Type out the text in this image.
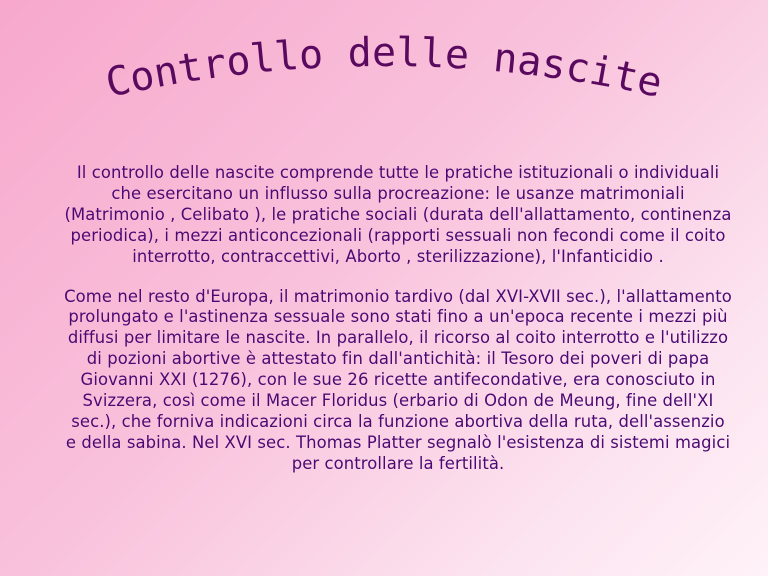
Controllo delle nascite

Il controllo delle nascite comprende tutte le pratiche istituzionali o individuali che esercitano un influsso sulla procreazione: le usanze matrimoniali (Matrimonio , Celibato ), le pratiche sociali (durata dell'allattamento, continenza periodica), i mezzi anticoncezionali (rapporti sessuali non fecondi come il coito interrotto, contraccettivi, Aborto , sterilizzazione), l'Infanticidio .

Come nel resto d'Europa, il matrimonio tardivo (dal XVI-XVII sec.), l'allattamento prolungato e l'astinenza sessuale sono stati fino a un'epoca recente i mezzi più diffusi per limitare le nascite. In parallelo, il ricorso al coito interrotto e l'utilizzo di pozioni abortive è attestato fin dall'antichità: il Tesoro dei poveri di papa Giovanni XXI (1276), con le sue 26 ricette antifecondative, era conosciuto in Svizzera, così come il Macer Floridus (erbario di Odon de Meung, fine dell'XI sec.), che forniva indicazioni circa la funzione abortiva della ruta, dell'assenzio e della sabina. Nel XVI sec. Thomas Platter segnalò l'esistenza di sistemi magici per controllare la fertilità.
